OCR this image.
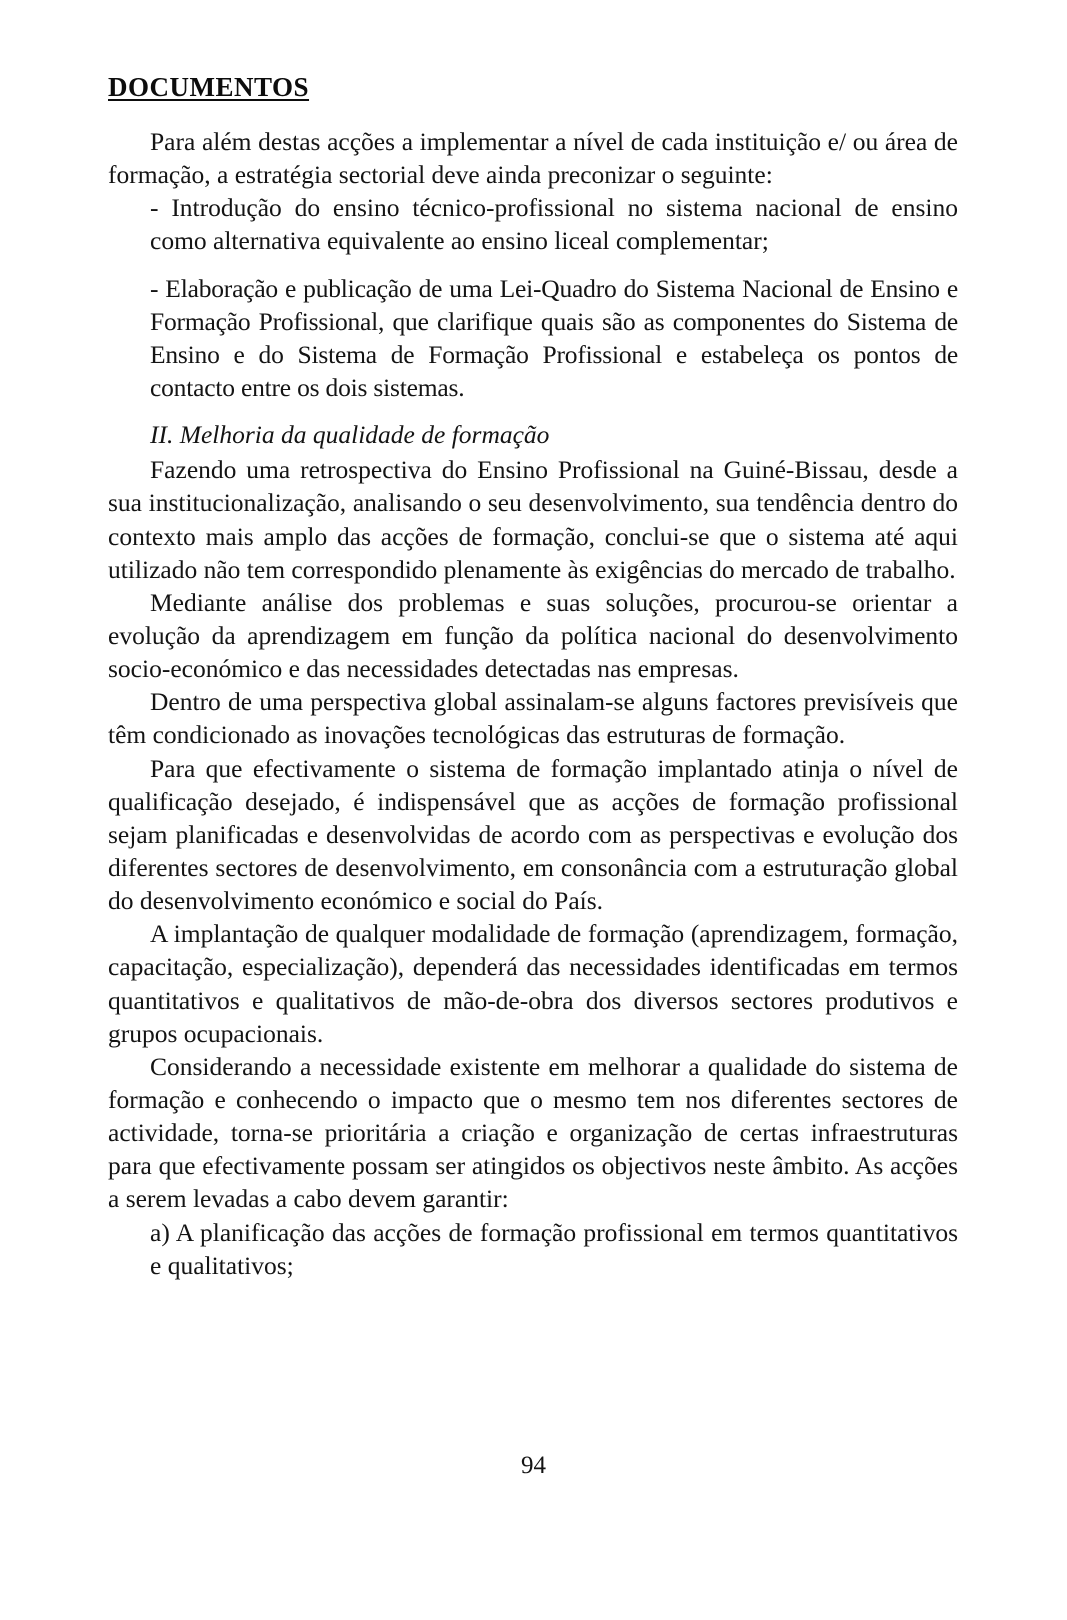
DOCUMENTOS

Para além destas acções a implementar a nível de cada instituição e/ ou área de formação, a estratégia sectorial deve ainda preconizar o seguinte:

- Introdução do ensino técnico-profissional no sistema nacional de ensino como alternativa equivalente ao ensino liceal complementar;

- Elaboração e publicação de uma Lei-Quadro do Sistema Nacional de Ensino e Formação Profissional, que clarifique quais são as componentes do Sistema de Ensino e do Sistema de Formação Profissional e estabeleça os pontos de contacto entre os dois sistemas.

II. Melhoria da qualidade de formação

Fazendo uma retrospectiva do Ensino Profissional na Guiné-Bissau, desde a sua institucionalização, analisando o seu desenvolvimento, sua tendência dentro do contexto mais amplo das acções de formação, conclui-se que o sistema até aqui utilizado não tem correspondido plenamente às exigências do mercado de trabalho.

Mediante análise dos problemas e suas soluções, procurou-se orientar a evolução da aprendizagem em função da política nacional do desenvolvimento socio-económico e das necessidades detectadas nas empresas.

Dentro de uma perspectiva global assinalam-se alguns factores previsíveis que têm condicionado as inovações tecnológicas das estruturas de formação.

Para que efectivamente o sistema de formação implantado atinja o nível de qualificação desejado, é indispensável que as acções de formação profissional sejam planificadas e desenvolvidas de acordo com as perspectivas e evolução dos diferentes sectores de desenvolvimento, em consonância com a estruturação global do desenvolvimento económico e social do País.

A implantação de qualquer modalidade de formação (aprendizagem, formação, capacitação, especialização), dependerá das necessidades identificadas em termos quantitativos e qualitativos de mão-de-obra dos diversos sectores produtivos e grupos ocupacionais.

Considerando a necessidade existente em melhorar a qualidade do sistema de formação e conhecendo o impacto que o mesmo tem nos diferentes sectores de actividade, torna-se prioritária a criação e organização de certas infraestruturas para que efectivamente possam ser atingidos os objectivos neste âmbito. As acções a serem levadas a cabo devem garantir:

a) A planificação das acções de formação profissional em termos quantitativos e qualitativos;

94
